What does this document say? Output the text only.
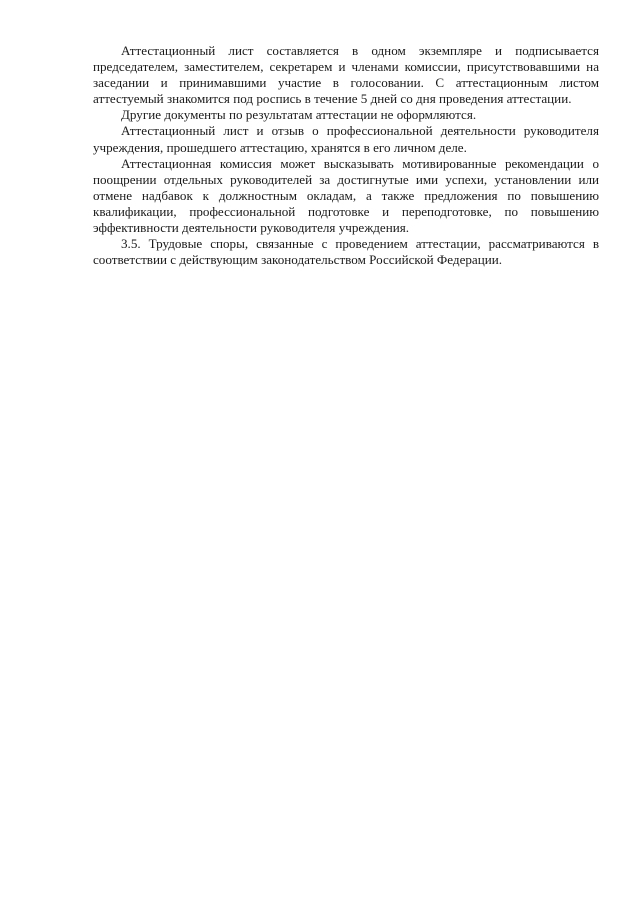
Аттестационный лист составляется в одном экземпляре и подписывается председателем, заместителем, секретарем и членами комиссии, присутствовавшими на заседании и принимавшими участие в голосовании. С аттестационным листом аттестуемый знакомится под роспись в течение 5 дней со дня проведения аттестации.

Другие документы по результатам аттестации не оформляются.

Аттестационный лист и отзыв о профессиональной деятельности руководителя учреждения, прошедшего аттестацию, хранятся в его личном деле.

Аттестационная комиссия может высказывать мотивированные рекомендации о поощрении отдельных руководителей за достигнутые ими успехи, установлении или отмене надбавок к должностным окладам, а также предложения по повышению квалификации, профессиональной подготовке и переподготовке, по повышению эффективности деятельности руководителя учреждения.

3.5. Трудовые споры, связанные с проведением аттестации, рассматриваются в соответствии с действующим законодательством Российской Федерации.
